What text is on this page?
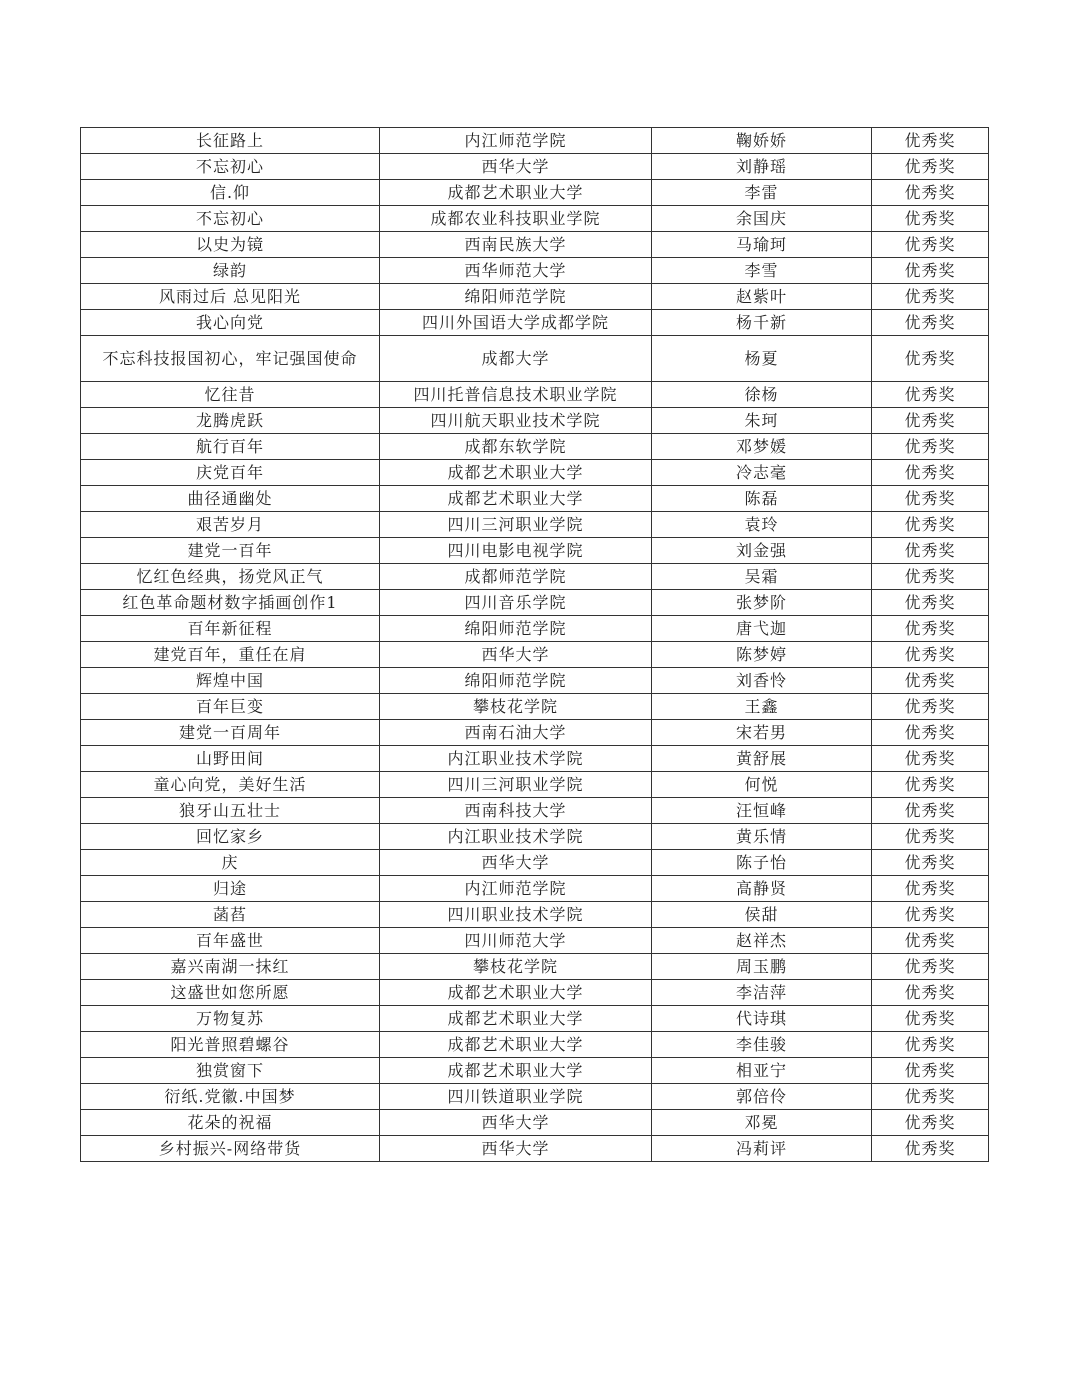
长征路上	内江师范学院	鞠娇娇	优秀奖
不忘初心	西华大学	刘静瑶	优秀奖
信.仰	成都艺术职业大学	李雷	优秀奖
不忘初心	成都农业科技职业学院	余国庆	优秀奖
以史为镜	西南民族大学	马瑜珂	优秀奖
绿韵	西华师范大学	李雪	优秀奖
风雨过后 总见阳光	绵阳师范学院	赵紫叶	优秀奖
我心向党	四川外国语大学成都学院	杨千新	优秀奖
不忘科技报国初心，牢记强国使命	成都大学	杨夏	优秀奖
忆往昔	四川托普信息技术职业学院	徐杨	优秀奖
龙腾虎跃	四川航天职业技术学院	朱珂	优秀奖
航行百年	成都东软学院	邓梦媛	优秀奖
庆党百年	成都艺术职业大学	冷志毫	优秀奖
曲径通幽处	成都艺术职业大学	陈磊	优秀奖
艰苦岁月	四川三河职业学院	袁玲	优秀奖
建党一百年	四川电影电视学院	刘金强	优秀奖
忆红色经典，扬党风正气	成都师范学院	吴霜	优秀奖
红色革命题材数字插画创作1	四川音乐学院	张梦阶	优秀奖
百年新征程	绵阳师范学院	唐弋迦	优秀奖
建党百年，重任在肩	西华大学	陈梦婷	优秀奖
辉煌中国	绵阳师范学院	刘香怜	优秀奖
百年巨变	攀枝花学院	王鑫	优秀奖
建党一百周年	西南石油大学	宋若男	优秀奖
山野田间	内江职业技术学院	黄舒展	优秀奖
童心向党，美好生活	四川三河职业学院	何悦	优秀奖
狼牙山五壮士	西南科技大学	汪恒峰	优秀奖
回忆家乡	内江职业技术学院	黄乐情	优秀奖
庆	西华大学	陈子怡	优秀奖
归途	内江师范学院	高静贤	优秀奖
菡萏	四川职业技术学院	侯甜	优秀奖
百年盛世	四川师范大学	赵祥杰	优秀奖
嘉兴南湖一抹红	攀枝花学院	周玉鹏	优秀奖
这盛世如您所愿	成都艺术职业大学	李洁萍	优秀奖
万物复苏	成都艺术职业大学	代诗琪	优秀奖
阳光普照碧螺谷	成都艺术职业大学	李佳骏	优秀奖
独赏窗下	成都艺术职业大学	相亚宁	优秀奖
衍纸.党徽.中国梦	四川铁道职业学院	郭倍伶	优秀奖
花朵的祝福	西华大学	邓冕	优秀奖
乡村振兴-网络带货	西华大学	冯莉评	优秀奖
